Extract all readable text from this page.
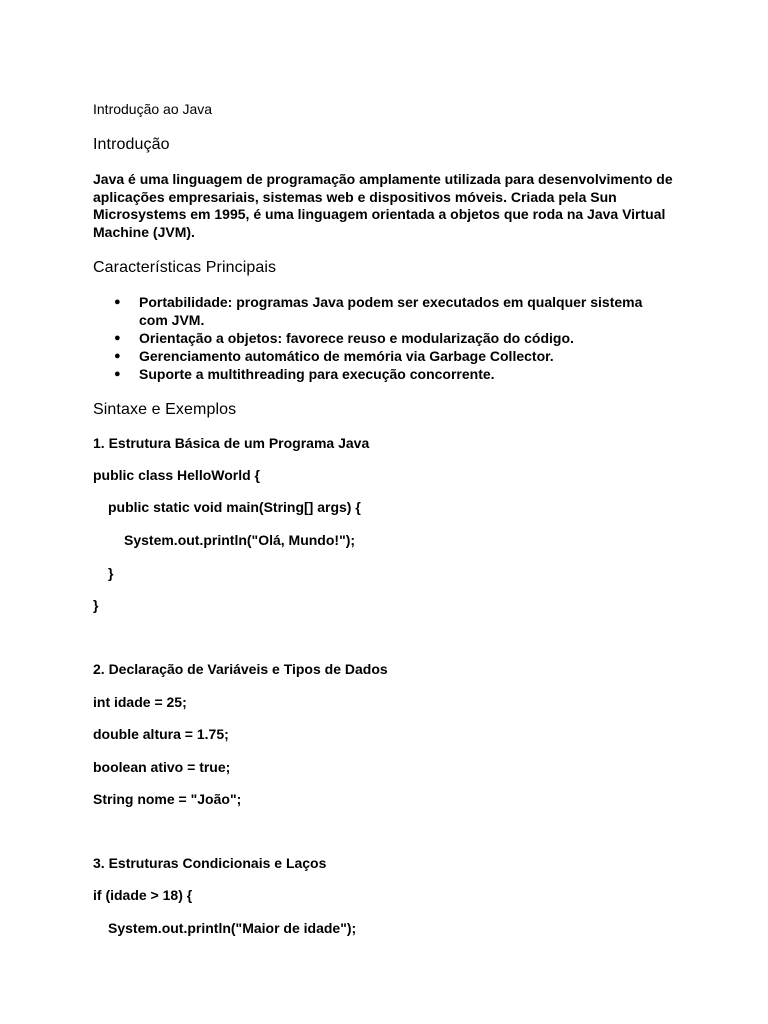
Introdução ao Java
Introdução
Java é uma linguagem de programação amplamente utilizada para desenvolvimento de aplicações empresariais, sistemas web e dispositivos móveis. Criada pela Sun Microsystems em 1995, é uma linguagem orientada a objetos que roda na Java Virtual Machine (JVM).
Características Principais
● Portabilidade: programas Java podem ser executados em qualquer sistema com JVM.
● Orientação a objetos: favorece reuso e modularização do código.
● Gerenciamento automático de memória via Garbage Collector.
● Suporte a multithreading para execução concorrente.
Sintaxe e Exemplos
1. Estrutura Básica de um Programa Java
public class HelloWorld {
public static void main(String[] args) {
System.out.println("Olá, Mundo!");
}
}
2. Declaração de Variáveis e Tipos de Dados
int idade = 25;
double altura = 1.75;
boolean ativo = true;
String nome = "João";
3. Estruturas Condicionais e Laços
if (idade > 18) {
System.out.println("Maior de idade");
